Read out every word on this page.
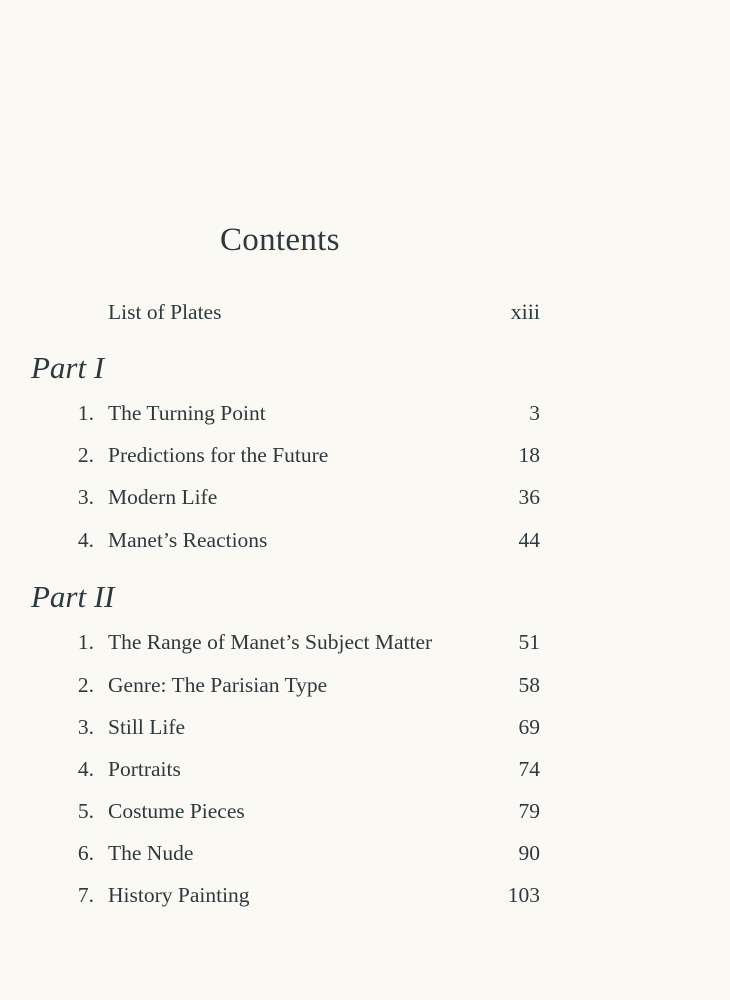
Contents
List of Plates	xiii
Part I
1. The Turning Point	3
2. Predictions for the Future	18
3. Modern Life	36
4. Manet’s Reactions	44
Part II
1. The Range of Manet’s Subject Matter	51
2. Genre: The Parisian Type	58
3. Still Life	69
4. Portraits	74
5. Costume Pieces	79
6. The Nude	90
7. History Painting	103
